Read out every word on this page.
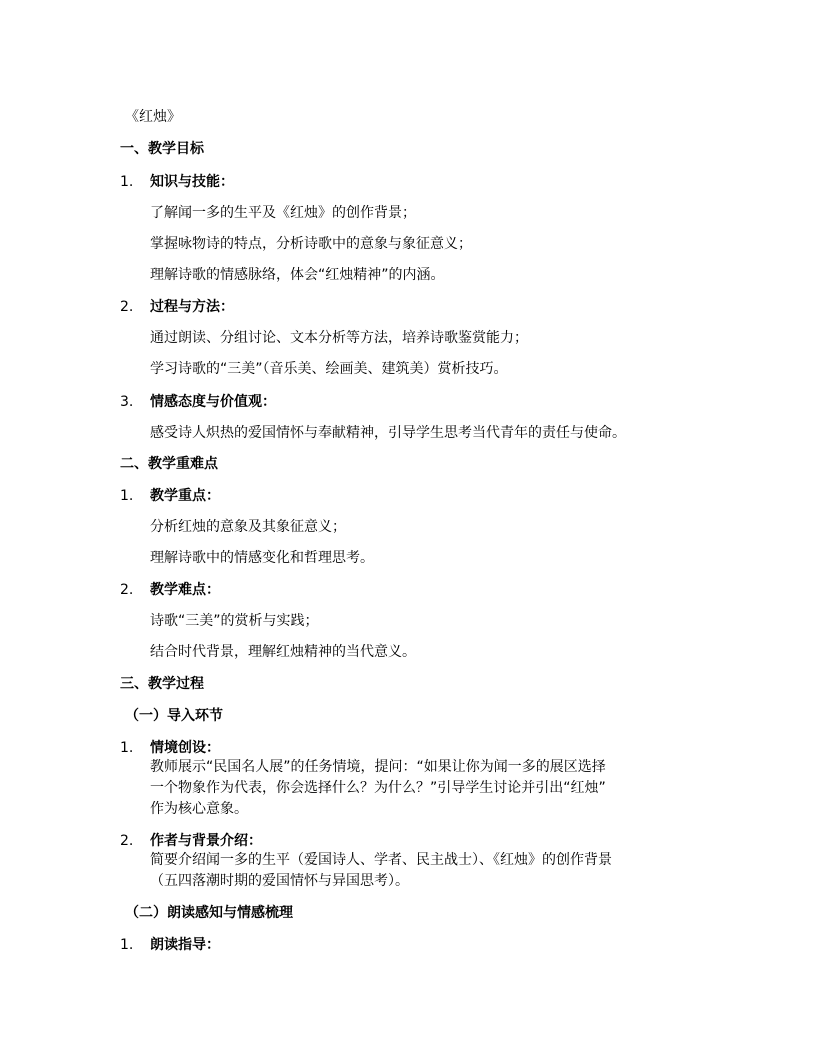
《红烛》
一、教学目标
1. 知识与技能：
了解闻一多的生平及《红烛》的创作背景；
掌握咏物诗的特点，分析诗歌中的意象与象征意义；
理解诗歌的情感脉络，体会“红烛精神”的内涵。
2. 过程与方法：
通过朗读、分组讨论、文本分析等方法，培养诗歌鉴赏能力；
学习诗歌的“三美”（音乐美、绘画美、建筑美）赏析技巧。
3. 情感态度与价值观：
感受诗人炽热的爱国情怀与奉献精神，引导学生思考当代青年的责任与使命。
二、教学重难点
1. 教学重点：
分析红烛的意象及其象征意义；
理解诗歌中的情感变化和哲理思考。
2. 教学难点：
诗歌“三美”的赏析与实践；
结合时代背景，理解红烛精神的当代意义。
三、教学过程
（一）导入环节
1. 情境创设：
教师展示“民国名人展”的任务情境，提问：“如果让你为闻一多的展区选择
一个物象作为代表，你会选择什么？为什么？”引导学生讨论并引出“红烛”
作为核心意象。
2. 作者与背景介绍：
简要介绍闻一多的生平（爱国诗人、学者、民主战士）、《红烛》的创作背景
（五四落潮时期的爱国情怀与异国思考）。
（二）朗读感知与情感梳理
1. 朗读指导：
